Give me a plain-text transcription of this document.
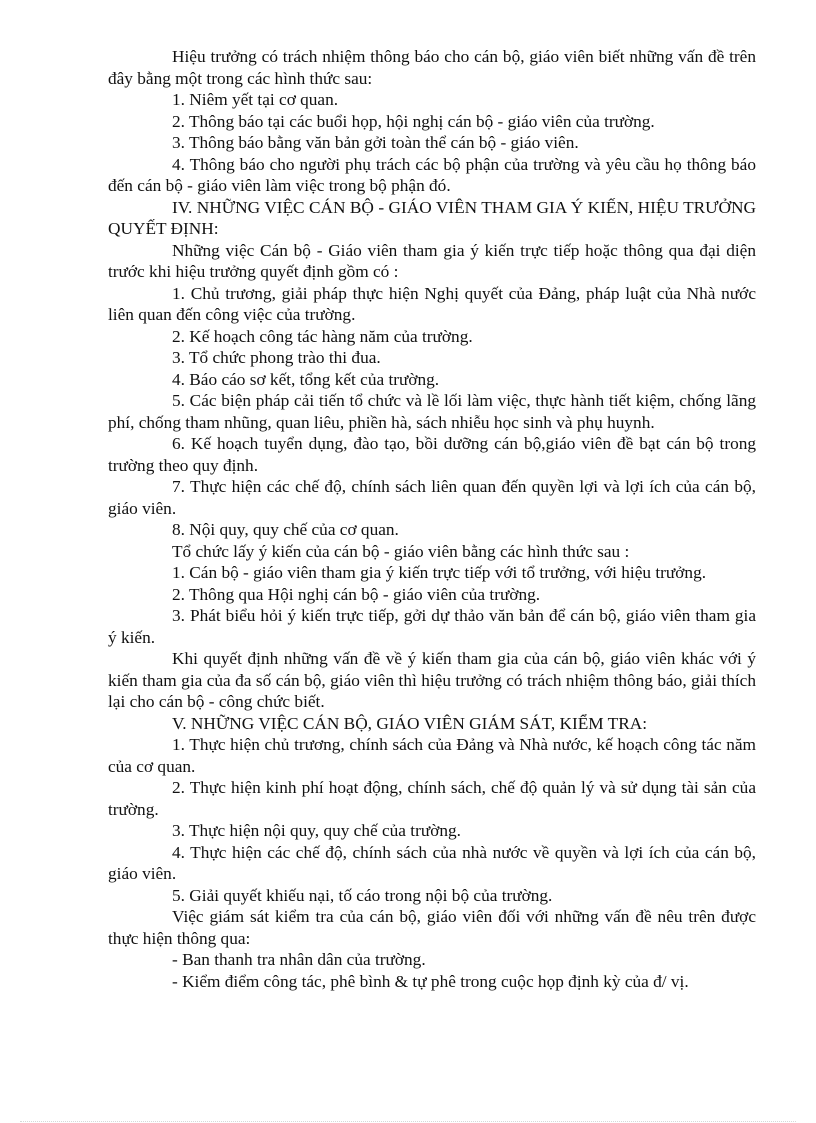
Hiệu trưởng có trách nhiệm thông báo cho cán bộ, giáo viên biết những vấn đề trên đây bằng một trong các hình thức sau:

1. Niêm yết tại cơ quan.

2. Thông báo tại các buổi họp, hội nghị cán bộ - giáo viên của trường.

3. Thông báo bằng văn bản gởi toàn thể cán bộ - giáo viên.

4. Thông báo cho người phụ trách các bộ phận của trường và yêu cầu họ thông báo đến cán bộ - giáo viên làm việc trong bộ phận đó.

IV. NHỮNG VIỆC CÁN BỘ - GIÁO VIÊN THAM GIA Ý KIẾN, HIỆU TRƯỞNG QUYẾT ĐỊNH:

Những việc Cán bộ - Giáo viên tham gia ý kiến trực tiếp hoặc thông qua đại diện trước khi hiệu trưởng quyết định gồm có :

1. Chủ trương, giải pháp thực hiện Nghị quyết của Đảng, pháp luật của Nhà nước liên quan đến công việc của trường.

2. Kế hoạch công tác hàng năm của trường.

3. Tổ chức phong trào thi đua.

4. Báo cáo sơ kết, tổng kết của trường.

5. Các biện pháp cải tiến tổ chức và lề lối làm việc, thực hành tiết kiệm, chống lãng phí, chống tham nhũng, quan liêu, phiền hà, sách nhiễu học sinh và phụ huynh.

6. Kế hoạch tuyển dụng, đào tạo, bồi dưỡng cán bộ,giáo viên đề bạt cán bộ trong trường theo quy định.

7. Thực hiện các chế độ, chính sách liên quan đến quyền lợi và lợi ích của cán bộ, giáo viên.

8. Nội quy, quy chế của cơ quan.

Tổ chức lấy ý kiến của cán bộ - giáo viên bằng các hình thức sau :

1. Cán bộ - giáo viên tham gia ý kiến trực tiếp với tổ trưởng, với hiệu trưởng.

2. Thông qua Hội nghị cán bộ - giáo viên của trường.

3. Phát biểu hỏi ý kiến trực tiếp, gởi dự thảo văn bản để cán bộ, giáo viên tham gia ý kiến.

Khi quyết định những vấn đề về ý kiến tham gia của cán bộ, giáo viên khác với ý kiến tham gia của đa số cán bộ, giáo viên thì hiệu trưởng có trách nhiệm thông báo, giải thích lại cho cán bộ - công chức biết.

V. NHỮNG VIỆC CÁN BỘ, GIÁO VIÊN GIÁM SÁT, KIỂM TRA:

1. Thực hiện chủ trương, chính sách của Đảng và Nhà nước, kế hoạch công tác năm của cơ quan.

2. Thực hiện kinh phí hoạt động, chính sách, chế độ quản lý và sử dụng tài sản của trường.

3. Thực hiện nội quy, quy chế của trường.

4. Thực hiện các chế độ, chính sách của nhà nước về quyền và lợi ích của cán bộ, giáo viên.

5. Giải quyết khiếu nại, tố cáo trong nội bộ của trường.

Việc giám sát kiểm tra của cán bộ, giáo viên đối với những vấn đề nêu trên được thực hiện thông qua:

- Ban thanh tra nhân dân của trường.

- Kiểm điểm công tác, phê bình & tự phê trong cuộc họp định kỳ của đ/ vị.
